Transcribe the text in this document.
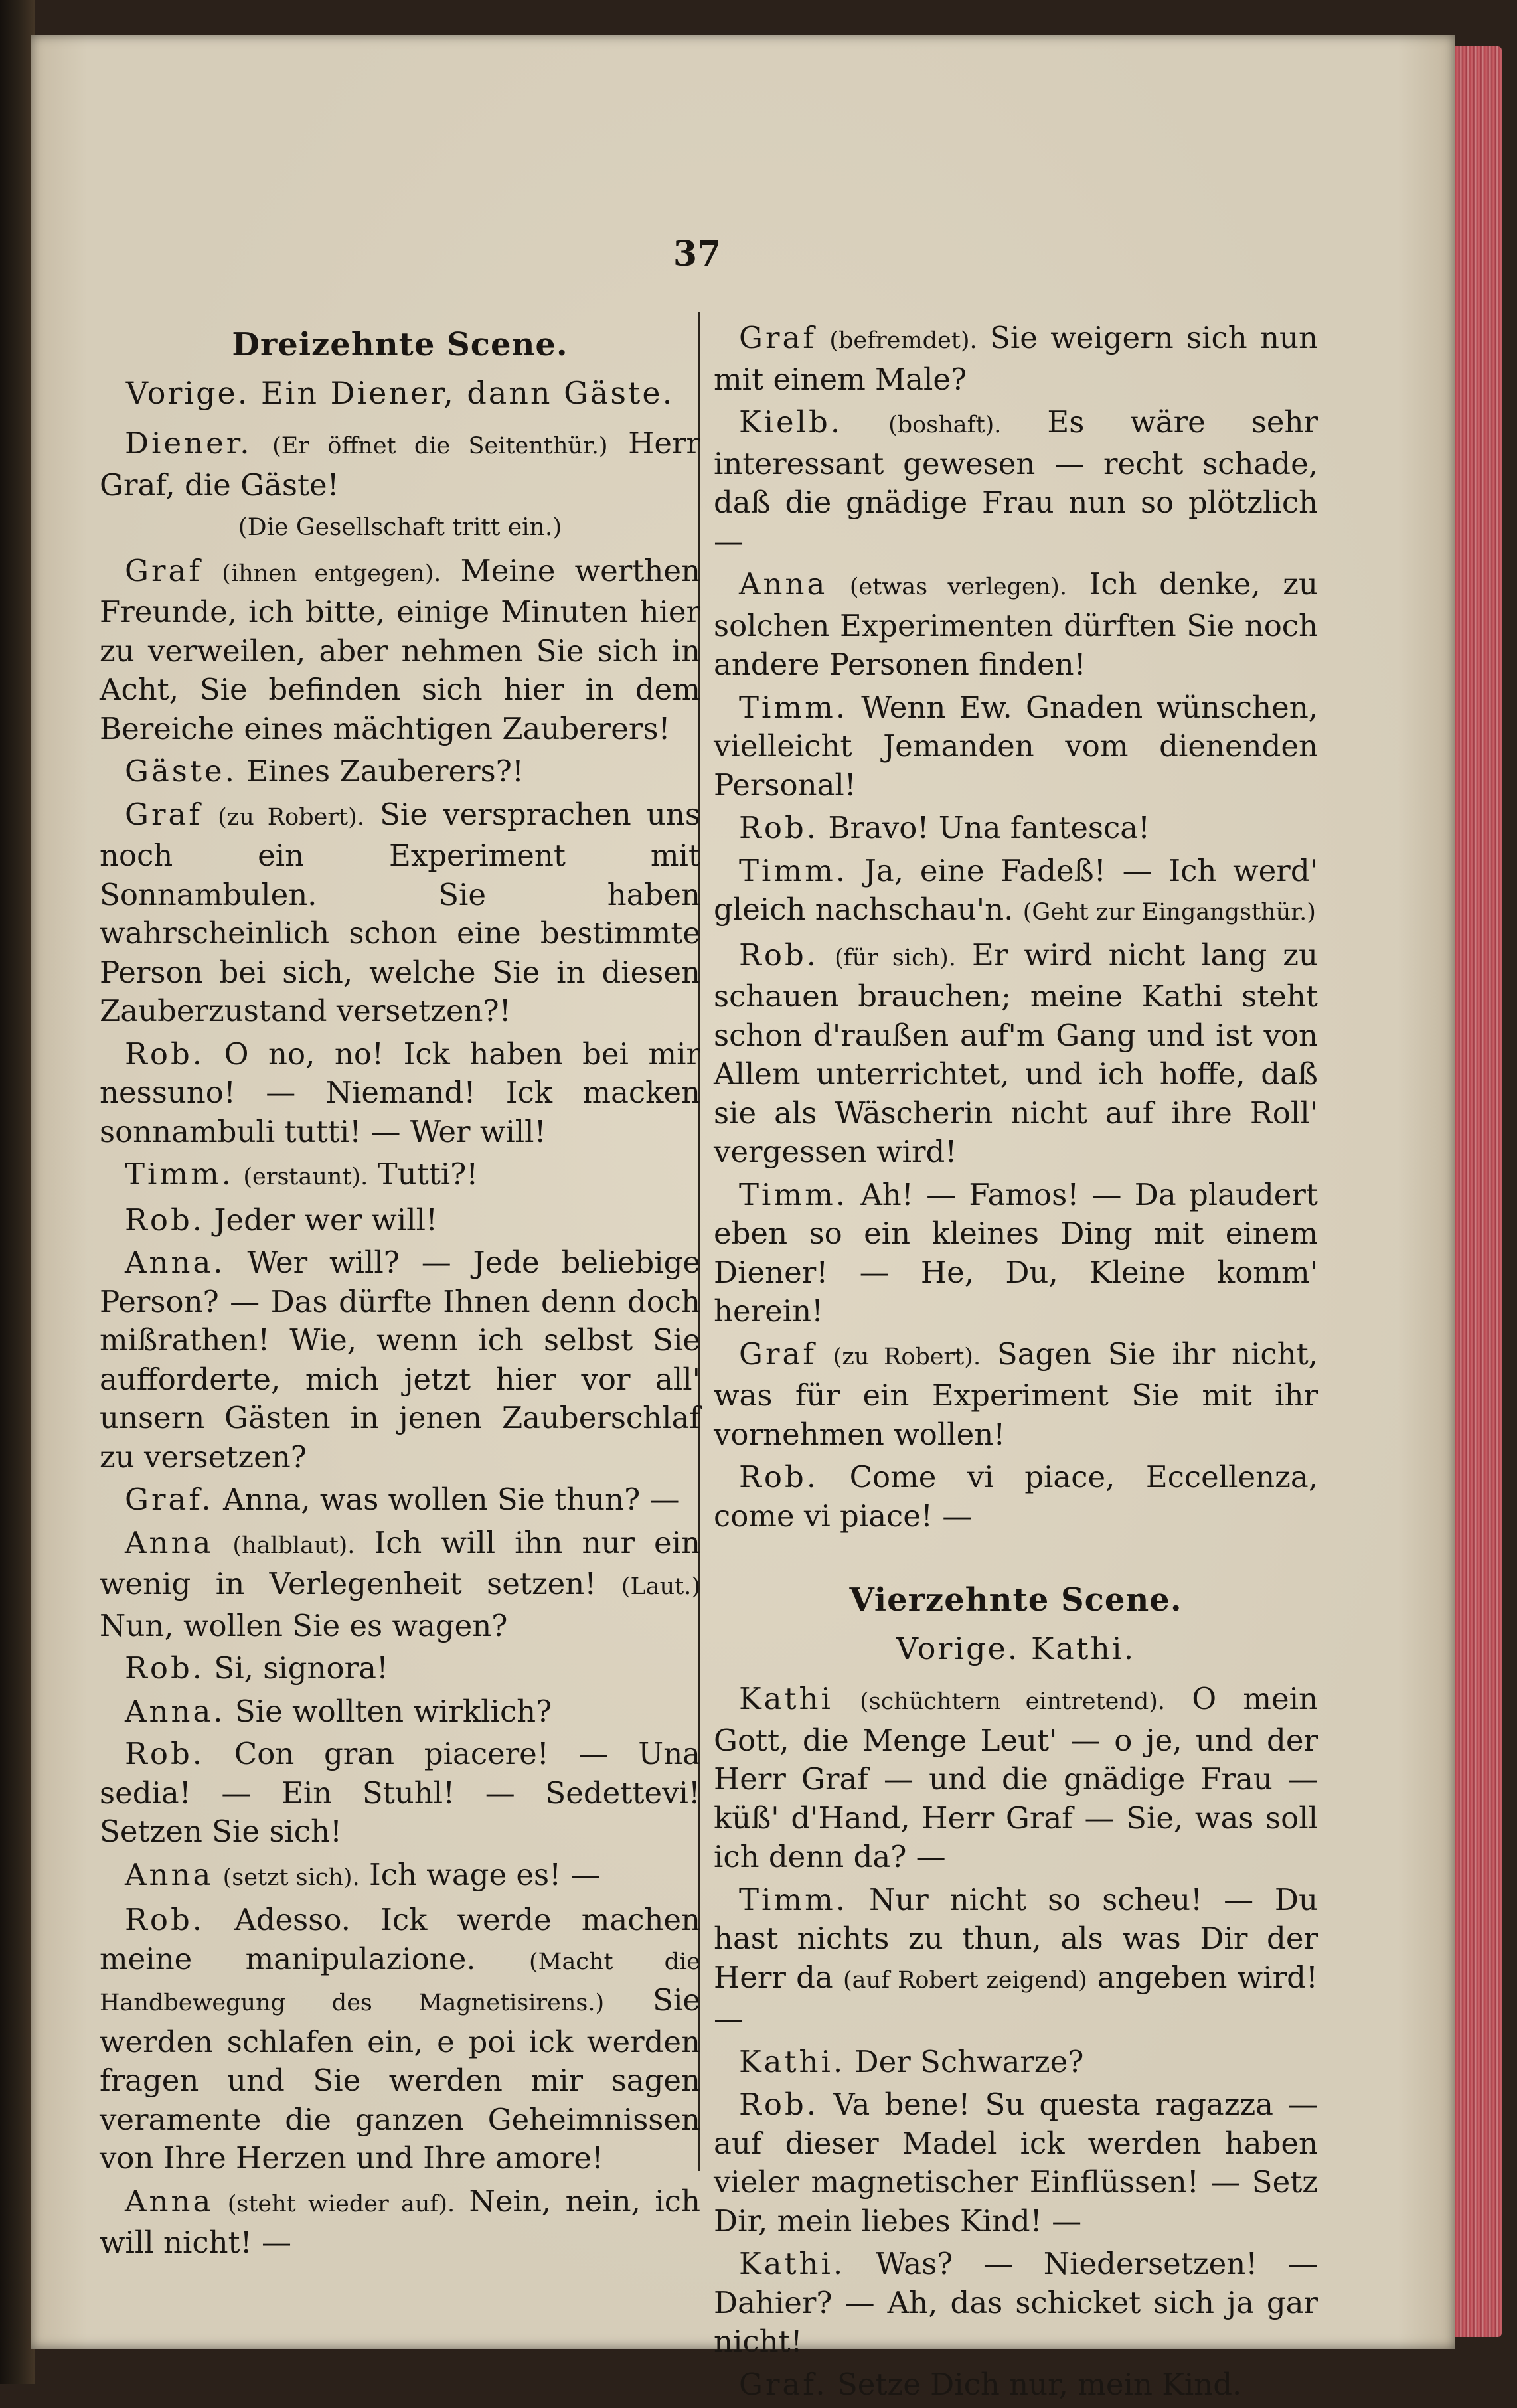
37

Dreizehnte Scene.

Vorige. Ein Diener, dann Gäste.

Diener. (Er öffnet die Seitenthür.) Herr Graf, die Gäste!

(Die Gesellschaft tritt ein.)

Graf (ihnen entgegen). Meine werthen Freunde, ich bitte, einige Minuten hier zu verweilen, aber nehmen Sie sich in Acht, Sie befinden sich hier in dem Bereiche eines mächtigen Zauberers!

Gäste. Eines Zauberers?!

Graf (zu Robert). Sie versprachen uns noch ein Experiment mit Sonnambulen. Sie haben wahrscheinlich schon eine bestimmte Person bei sich, welche Sie in diesen Zauberzustand versetzen?!

Rob. O no, no! Ick haben bei mir nessuno! — Niemand! Ick macken sonnambuli tutti! — Wer will!

Timm. (erstaunt). Tutti?!

Rob. Jeder wer will!

Anna. Wer will? — Jede beliebige Person? — Das dürfte Ihnen denn doch mißrathen! Wie, wenn ich selbst Sie aufforderte, mich jetzt hier vor all' unsern Gästen in jenen Zauberschlaf zu versetzen?

Graf. Anna, was wollen Sie thun? —

Anna (halblaut). Ich will ihn nur ein wenig in Verlegenheit setzen! (Laut.) Nun, wollen Sie es wagen?

Rob. Si, signora!

Anna. Sie wollten wirklich?

Rob. Con gran piacere! — Una sedia! — Ein Stuhl! — Sedettevi! Setzen Sie sich!

Anna (setzt sich). Ich wage es! —

Rob. Adesso. Ick werde machen meine manipulazione. (Macht die Handbewegung des Magnetisirens.) Sie werden schlafen ein, e poi ick werden fragen und Sie werden mir sagen veramente die ganzen Geheimnissen von Ihre Herzen und Ihre amore!

Anna (steht wieder auf). Nein, nein, ich will nicht! —

Graf (befremdet). Sie weigern sich nun mit einem Male?

Kielb. (boshaft). Es wäre sehr interessant gewesen — recht schade, daß die gnädige Frau nun so plötzlich —

Anna (etwas verlegen). Ich denke, zu solchen Experimenten dürften Sie noch andere Personen finden!

Timm. Wenn Ew. Gnaden wünschen, vielleicht Jemanden vom dienenden Personal!

Rob. Bravo! Una fantesca!

Timm. Ja, eine Fadeß! — Ich werd' gleich nachschau'n. (Geht zur Eingangsthür.)

Rob. (für sich). Er wird nicht lang zu schauen brauchen; meine Kathi steht schon d'raußen auf'm Gang und ist von Allem unterrichtet, und ich hoffe, daß sie als Wäscherin nicht auf ihre Roll' vergessen wird!

Timm. Ah! — Famos! — Da plaudert eben so ein kleines Ding mit einem Diener! — He, Du, Kleine komm' herein!

Graf (zu Robert). Sagen Sie ihr nicht, was für ein Experiment Sie mit ihr vornehmen wollen!

Rob. Come vi piace, Eccellenza, come vi piace! —

Vierzehnte Scene.

Vorige. Kathi.

Kathi (schüchtern eintretend). O mein Gott, die Menge Leut' — o je, und der Herr Graf — und die gnädige Frau — küß' d'Hand, Herr Graf — Sie, was soll ich denn da? —

Timm. Nur nicht so scheu! — Du hast nichts zu thun, als was Dir der Herr da (auf Robert zeigend) angeben wird! —

Kathi. Der Schwarze?

Rob. Va bene! Su questa ragazza — auf dieser Madel ick werden haben vieler magnetischer Einflüssen! — Setz Dir, mein liebes Kind! —

Kathi. Was? — Niedersetzen! — Dahier? — Ah, das schicket sich ja gar nicht!

Graf. Setze Dich nur, mein Kind.
